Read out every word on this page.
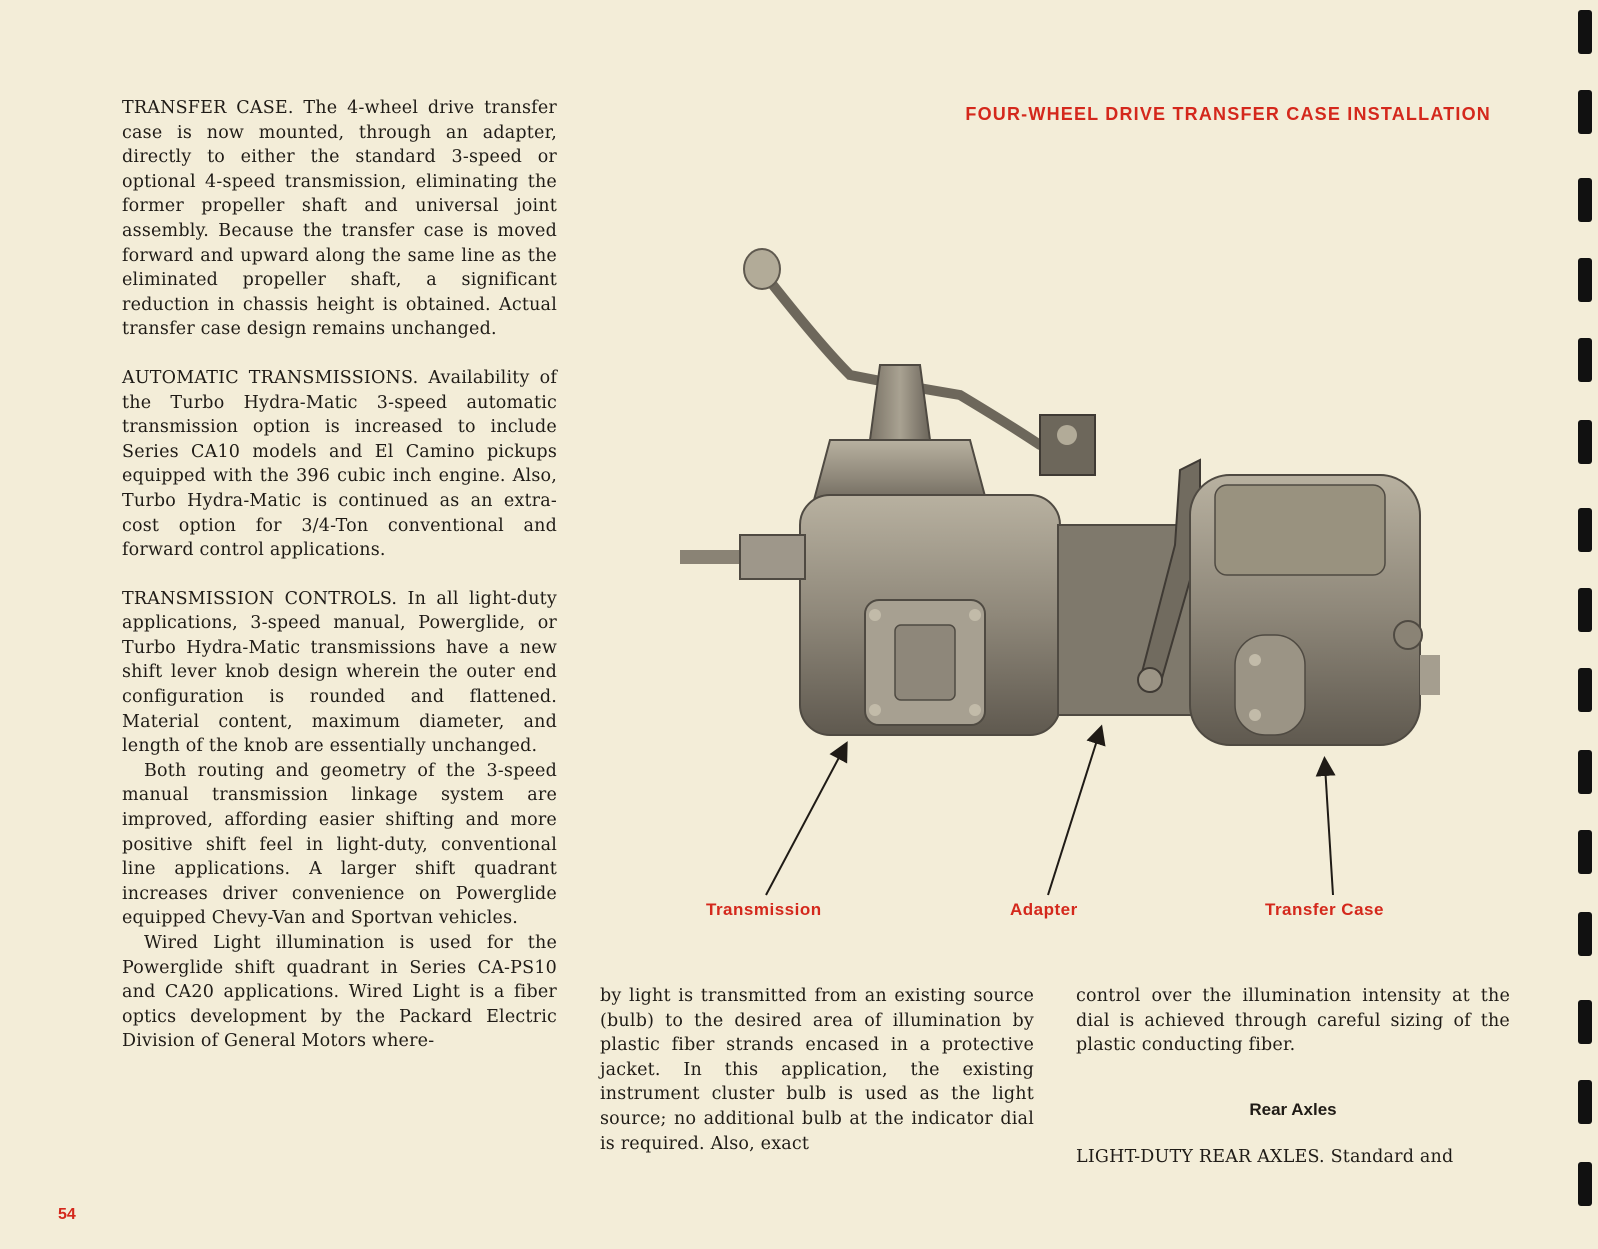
TRANSFER CASE. The 4-wheel drive transfer case is now mounted, through an adapter, directly to either the standard 3-speed or optional 4-speed transmission, eliminating the former propeller shaft and universal joint assembly. Because the transfer case is moved forward and upward along the same line as the eliminated propeller shaft, a significant reduction in chassis height is obtained. Actual transfer case design remains unchanged.

AUTOMATIC TRANSMISSIONS. Availability of the Turbo Hydra-Matic 3-speed automatic transmission option is increased to include Series CA10 models and El Camino pickups equipped with the 396 cubic inch engine. Also, Turbo Hydra-Matic is continued as an extra-cost option for 3/4-Ton conventional and forward control applications.

TRANSMISSION CONTROLS. In all light-duty applications, 3-speed manual, Powerglide, or Turbo Hydra-Matic transmissions have a new shift lever knob design wherein the outer end configuration is rounded and flattened. Material content, maximum diameter, and length of the knob are essentially unchanged.

Both routing and geometry of the 3-speed manual transmission linkage system are improved, affording easier shifting and more positive shift feel in light-duty, conventional line applications. A larger shift quadrant increases driver convenience on Powerglide equipped Chevy-Van and Sportvan vehicles.

Wired Light illumination is used for the Powerglide shift quadrant in Series CA-PS10 and CA20 applications. Wired Light is a fiber optics development by the Packard Electric Division of General Motors where-

FOUR-WHEEL DRIVE TRANSFER CASE INSTALLATION
Transmission	Adapter	Transfer Case

by light is transmitted from an existing source (bulb) to the desired area of illumination by plastic fiber strands encased in a protective jacket. In this application, the existing instrument cluster bulb is used as the light source; no additional bulb at the indicator dial is required. Also, exact

control over the illumination intensity at the dial is achieved through careful sizing of the plastic conducting fiber.

Rear Axles

LIGHT-DUTY REAR AXLES. Standard and

54
